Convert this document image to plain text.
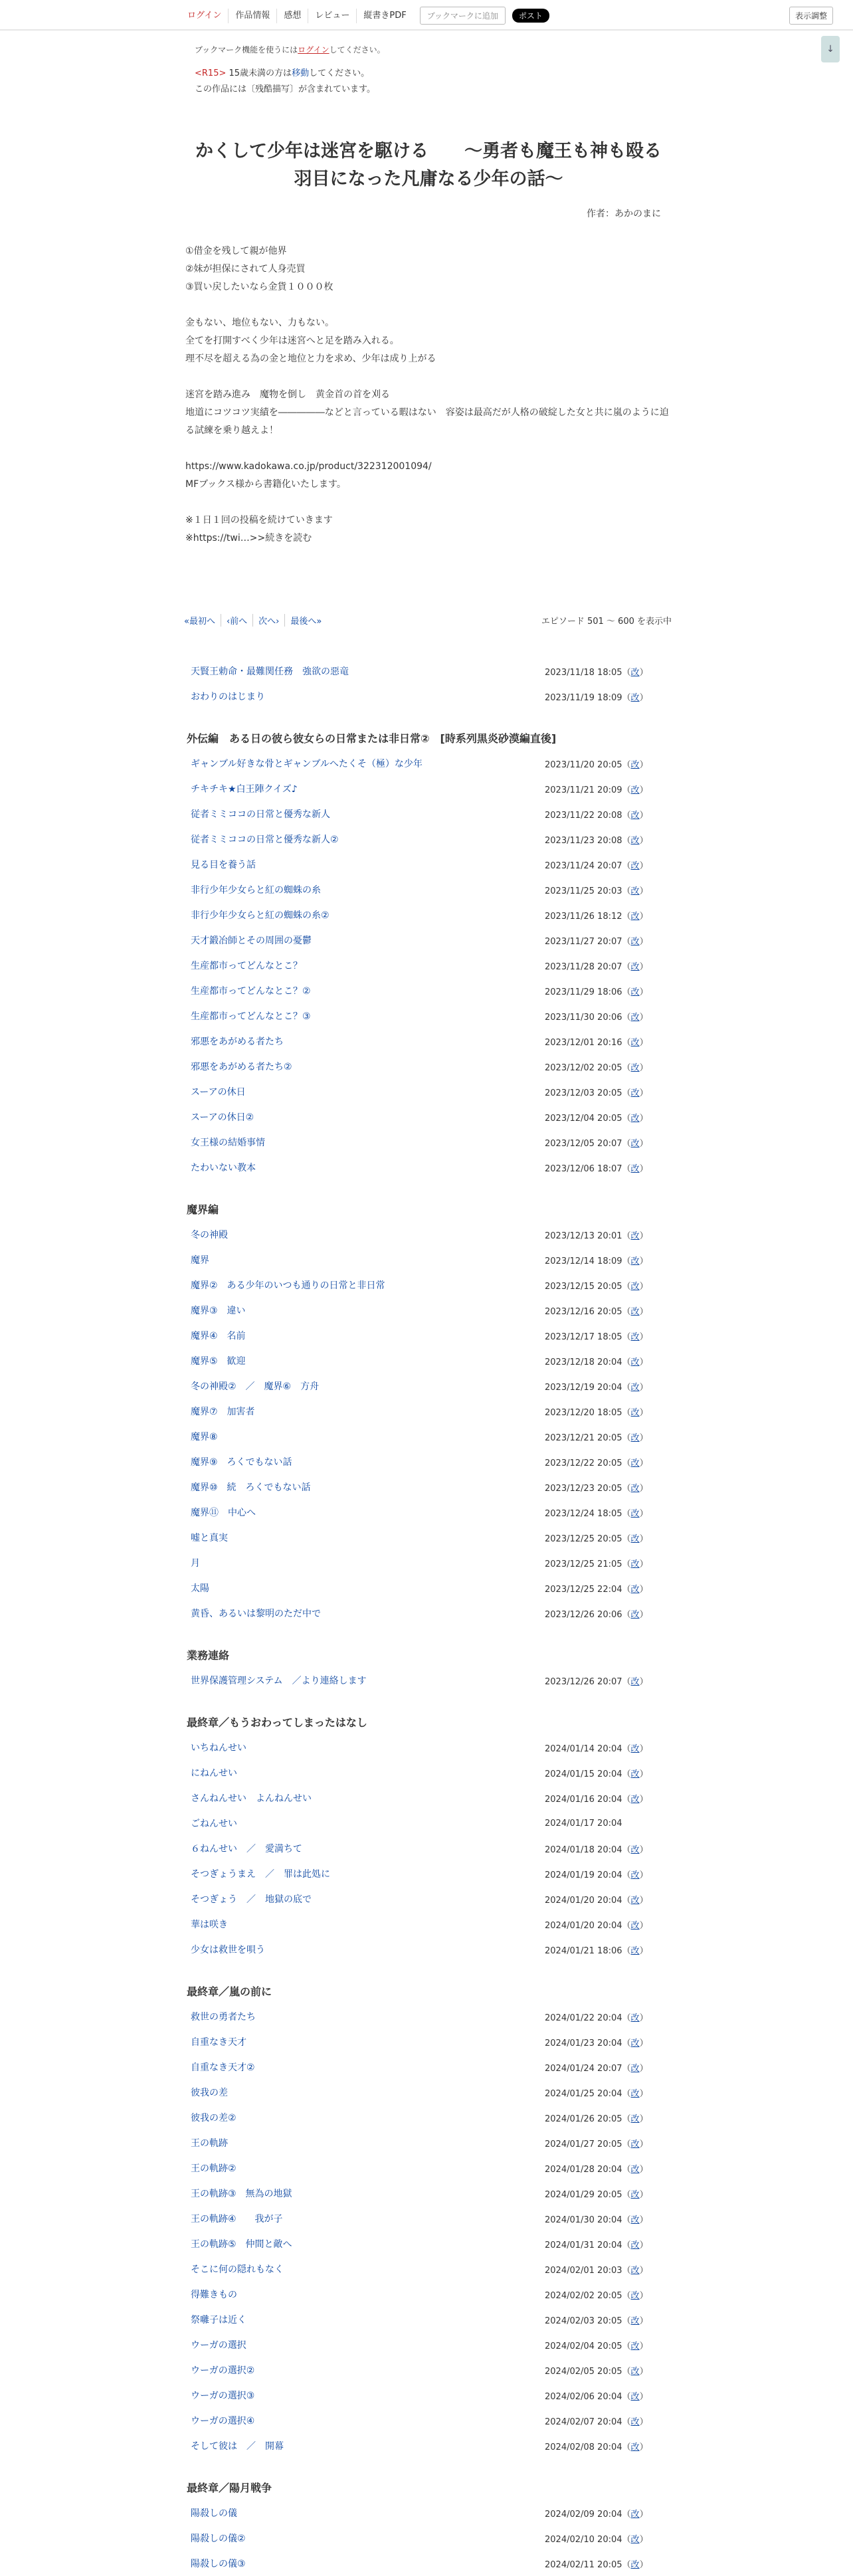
ログイン	作品情報	感想	レビュー	縦書きPDF	ブックマークに追加	ポスト	表示調整
↓
ブックマーク機能を使うにはログインしてください。
<R15> 15歳未満の方は移動してください。
この作品には〔残酷描写〕が含まれています。
かくして少年は迷宮を駆ける　　～勇者も魔王も神も殴る
羽目になった凡庸なる少年の話～
作者：あかのまに

①借金を残して親が他界

②妹が担保にされて人身売買

③買い戻したいなら金貨１０００枚

金もない、地位もない、力もない。

全てを打開すべく少年は迷宮へと足を踏み入れる。

理不尽を超える為の金と地位と力を求め、少年は成り上がる

迷宮を踏み進み　魔物を倒し　黄金首の首を刈る

地道にコツコツ実績を―――――などと言っている暇はない　容姿は最高だが人格の破綻した女と共に嵐のように迫る試練を乗り越えよ！

https://www.kadokawa.co.jp/product/322312001094/

MFブックス様から書籍化いたします。

※１日１回の投稿を続けていきます

※https://twi…>>続きを読む

«最初へ	‹前へ	次へ›	最後へ»	エピソード 501 ～ 600 を表示中
天賢王勅命・最難関任務　強欲の惡竜	2023/11/18 18:05（改）
おわりのはじまり	2023/11/19 18:09（改）
外伝編　ある日の彼ら彼女らの日常または非日常②　[時系列黒炎砂漠編直後]
ギャンブル好きな骨とギャンブルへたくそ（極）な少年	2023/11/20 20:05（改）
チキチキ★白王陣クイズ♪	2023/11/21 20:09（改）
従者ミミココの日常と優秀な新人	2023/11/22 20:08（改）
従者ミミココの日常と優秀な新人②	2023/11/23 20:08（改）
見る目を養う話	2023/11/24 20:07（改）
非行少年少女らと紅の蜘蛛の糸	2023/11/25 20:03（改）
非行少年少女らと紅の蜘蛛の糸②	2023/11/26 18:12（改）
天才鍛冶師とその周囲の憂鬱	2023/11/27 20:07（改）
生産都市ってどんなとこ？	2023/11/28 20:07（改）
生産都市ってどんなとこ？②	2023/11/29 18:06（改）
生産都市ってどんなとこ？③	2023/11/30 20:06（改）
邪悪をあがめる者たち	2023/12/01 20:16（改）
邪悪をあがめる者たち②	2023/12/02 20:05（改）
スーアの休日	2023/12/03 20:05（改）
スーアの休日②	2023/12/04 20:05（改）
女王様の結婚事情	2023/12/05 20:07（改）
たわいない教本	2023/12/06 18:07（改）
魔界編
冬の神殿	2023/12/13 20:01（改）
魔界	2023/12/14 18:09（改）
魔界②　ある少年のいつも通りの日常と非日常	2023/12/15 20:05（改）
魔界③　違い	2023/12/16 20:05（改）
魔界④　名前	2023/12/17 18:05（改）
魔界⑤　歓迎	2023/12/18 20:04（改）
冬の神殿②　／　魔界⑥　方舟	2023/12/19 20:04（改）
魔界⑦　加害者	2023/12/20 18:05（改）
魔界⑧	2023/12/21 20:05（改）
魔界⑨　ろくでもない話	2023/12/22 20:05（改）
魔界⑩　続　ろくでもない話	2023/12/23 20:05（改）
魔界⑪　中心へ	2023/12/24 18:05（改）
嘘と真実	2023/12/25 20:05（改）
月	2023/12/25 21:05（改）
太陽	2023/12/25 22:04（改）
黄昏、あるいは黎明のただ中で	2023/12/26 20:06（改）
業務連絡
世界保護管理システム　／より連絡します	2023/12/26 20:07（改）
最終章／もうおわってしまったはなし
いちねんせい	2024/01/14 20:04（改）
にねんせい	2024/01/15 20:04（改）
さんねんせい　よんねんせい	2024/01/16 20:04（改）
ごねんせい	2024/01/17 20:04
６ねんせい　／　愛満ちて	2024/01/18 20:04（改）
そつぎょうまえ　／　罪は此処に	2024/01/19 20:04（改）
そつぎょう　／　地獄の底で	2024/01/20 20:04（改）
華は咲き	2024/01/20 20:04（改）
少女は救世を唄う	2024/01/21 18:06（改）
最終章／嵐の前に
救世の勇者たち	2024/01/22 20:04（改）
自重なき天才	2024/01/23 20:04（改）
自重なき天才②	2024/01/24 20:07（改）
彼我の差	2024/01/25 20:04（改）
彼我の差②	2024/01/26 20:05（改）
王の軌跡	2024/01/27 20:05（改）
王の軌跡②	2024/01/28 20:04（改）
王の軌跡③　無為の地獄	2024/01/29 20:05（改）
王の軌跡④　　我が子	2024/01/30 20:04（改）
王の軌跡⑤　仲間と敵へ	2024/01/31 20:04（改）
そこに何の隠れもなく	2024/02/01 20:03（改）
得難きもの	2024/02/02 20:05（改）
祭囃子は近く	2024/02/03 20:05（改）
ウーガの選択	2024/02/04 20:05（改）
ウーガの選択②	2024/02/05 20:05（改）
ウーガの選択③	2024/02/06 20:04（改）
ウーガの選択④	2024/02/07 20:04（改）
そして彼は　／　開幕	2024/02/08 20:04（改）
最終章／陽月戦争
陽殺しの儀	2024/02/09 20:04（改）
陽殺しの儀②	2024/02/10 20:04（改）
陽殺しの儀③	2024/02/11 20:05（改）
